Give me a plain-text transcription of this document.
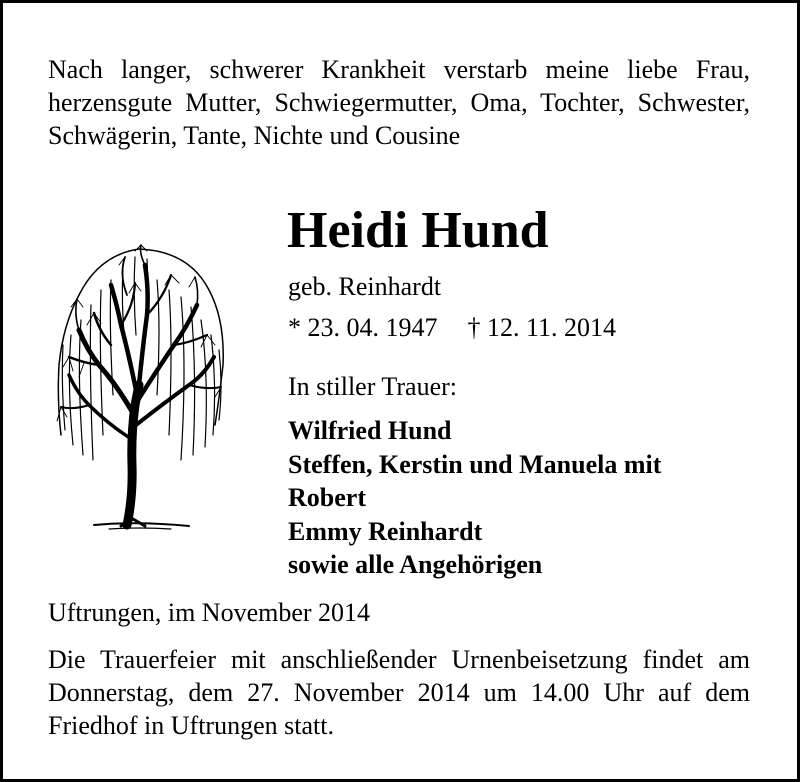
Nach langer, schwerer Krankheit verstarb meine liebe Frau, herzensgute Mutter, Schwiegermutter, Oma, Tochter, Schwester, Schwägerin, Tante, Nichte und Cousine

Heidi Hund
geb. Reinhardt
* 23. 04. 1947 † 12. 11. 2014
In stiller Trauer:
Wilfried Hund
Steffen, Kerstin und Manuela mit
Robert
Emmy Reinhardt
sowie alle Angehörigen
Uftrungen, im November 2014

Die Trauerfeier mit anschließender Urnenbeisetzung findet am Donnerstag, dem 27. November 2014 um 14.00 Uhr auf dem Friedhof in Uftrungen statt.
